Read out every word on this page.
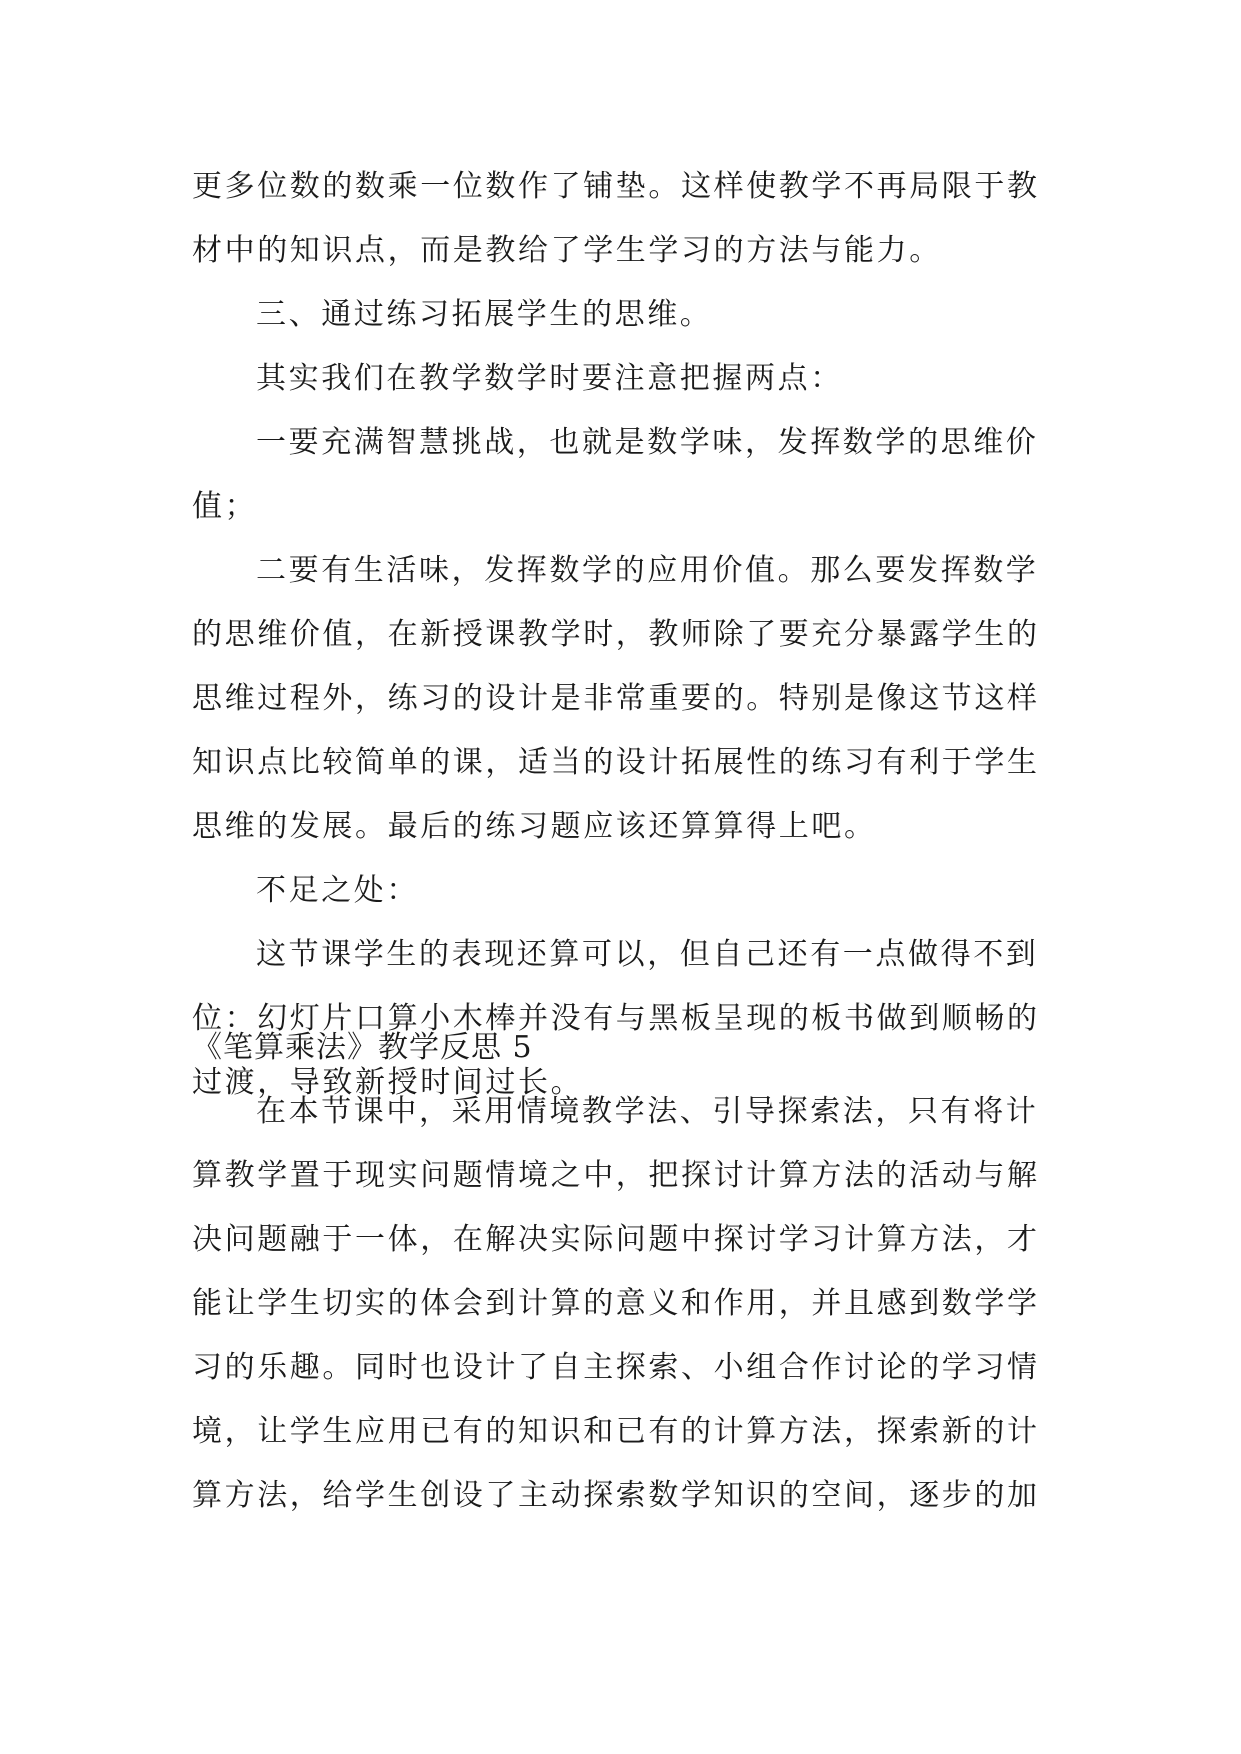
更多位数的数乘一位数作了铺垫。这样使教学不再局限于教
材中的知识点，而是教给了学生学习的方法与能力。
三、通过练习拓展学生的思维。
其实我们在教学数学时要注意把握两点：
一要充满智慧挑战，也就是数学味，发挥数学的思维价
值；
二要有生活味，发挥数学的应用价值。那么要发挥数学
的思维价值，在新授课教学时，教师除了要充分暴露学生的
思维过程外，练习的设计是非常重要的。特别是像这节这样
知识点比较简单的课，适当的设计拓展性的练习有利于学生
思维的发展。最后的练习题应该还算算得上吧。
不足之处：
这节课学生的表现还算可以，但自己还有一点做得不到
位：幻灯片口算小木棒并没有与黑板呈现的板书做到顺畅的
过渡，导致新授时间过长。
《笔算乘法》教学反思 5
在本节课中，采用情境教学法、引导探索法，只有将计
算教学置于现实问题情境之中，把探讨计算方法的活动与解
决问题融于一体，在解决实际问题中探讨学习计算方法，才
能让学生切实的体会到计算的意义和作用，并且感到数学学
习的乐趣。同时也设计了自主探索、小组合作讨论的学习情
境，让学生应用已有的知识和已有的计算方法，探索新的计
算方法，给学生创设了主动探索数学知识的空间，逐步的加
